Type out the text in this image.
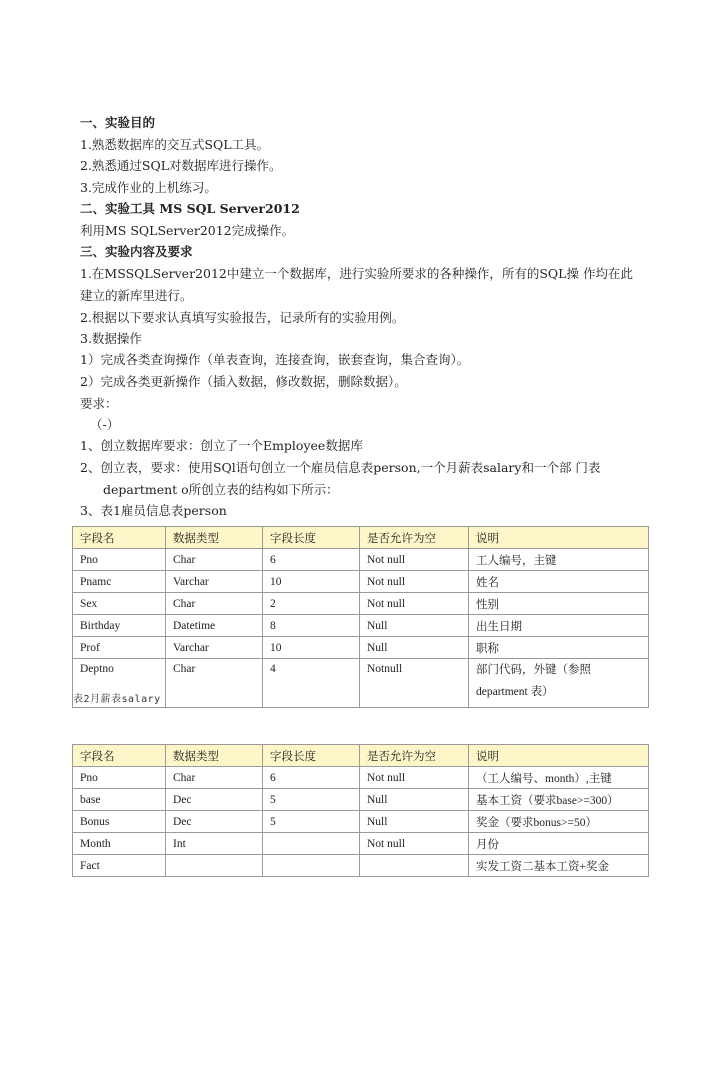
一、实验目的
1.熟悉数据库的交互式SQL工具。
2.熟悉通过SQL对数据库进行操作。
3.完成作业的上机练习。
二、实验工具 MS SQL Server2012
利用MS SQLServer2012完成操作。
三、实验内容及要求
1.在MSSQLServer2012中建立一个数据库，进行实验所要求的各种操作，所有的SQL操 作均在此
建立的新库里进行。
2.根据以下要求认真填写实验报告，记录所有的实验用例。
3.数据操作
1）完成各类查询操作（单表查询，连接查询，嵌套查询，集合查询）。
2）完成各类更新操作（插入数据，修改数据，删除数据）。
要求：
（-）
1、创立数据库要求：创立了一个Employee数据库
2、创立表，要求：使用SQl语句创立一个雇员信息表person,一个月薪表salary和一个部 门表
department o所创立表的结构如下所示：
3、表1雇员信息表person
字段名	数据类型	字段长度	是否允许为空	说明
Pno	Char	6	Not null	工人编号，主键
Pnamc	Varchar	10	Not null	姓名
Sex	Char	2	Not null	性别
Birthday	Datetime	8	Null	出生日期
Prof	Varchar	10	Null	职称
Deptno	Char	4	Notnull	部门代码，外键（参照 department 表）
表2月薪表salary
字段名	数据类型	字段长度	是否允许为空	说明
Pno	Char	6	Not null	（工人编号、month）,主键
base	Dec	5	Null	基本工资（要求base>=300）
Bonus	Dec	5	Null	奖金（要求bonus>=50）
Month	Int		Not null	月份
Fact				实发工资二基本工资+奖金
